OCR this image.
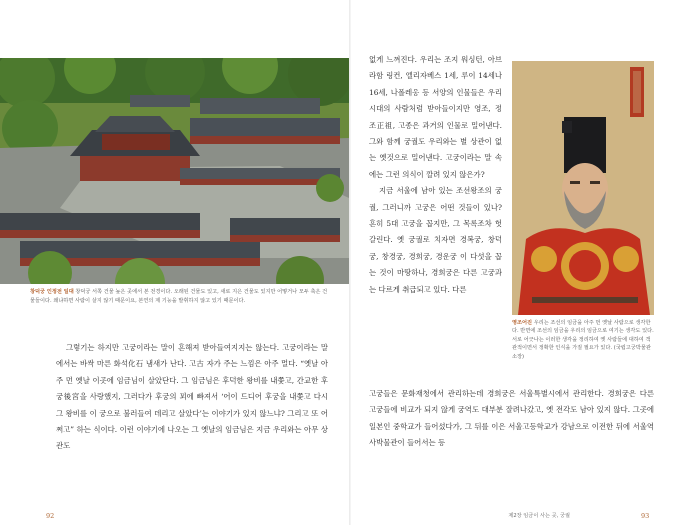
창덕궁 인정전 일대 창덕궁 서쪽 건물 높은 곳에서 본 전경이다. 오래된 건물도 있고, 새로 지은 건물도 있지만 어떻거나 모두 축은 건물들이다. 왜냐하면 사람이 살지 않기 때문이요, 본연의 제 기능을 발휘하지 않고 있기 때문이다.

그렇기는 하지만 고궁이라는 말이 흔해져 받아들여지지는 않는다. 고궁이라는 말에서는 바싹 마른 화석化石 냄새가 난다. 고古 자가 주는 느낌은 아주 멀다. “옛날 아주 먼 옛날 이곳에 임금님이 살았단다. 그 임금님은 후덕한 왕비를 내쫓고, 간교한 후궁後宮을 사랑했지, 그러다가 후궁의 꾀에 빠져서 ‘어이 드디어 후궁을 내쫓고 다시 그 왕비를 이 궁으로 불러들여 데리고 살았다’는 이야기가 있지 않느냐? 그리고 또 어쩌고” 하는 식이다. 이런 이야기에 나오는 그 옛날의 임금님은 지금 우리와는 아무 상관도

92

없게 느껴진다. 우리는 조지 워싱턴, 아브라함 링컨, 엘리자베스 1세, 루이 14세나 16세, 나폴레옹 등 서양의 인물들은 우리 시대의 사람처럼 받아들이지만 영조, 정조正祖, 고종은 과거의 인물로 밀어낸다. 그와 함께 궁궐도 우리와는 별 상관이 없는 옛것으로 밀어낸다. 고궁이라는 말 속에는 그런 의식이 깔려 있지 않은가?

지금 서울에 남아 있는 조선왕조의 궁궐, 그러니까 고궁은 어떤 것들이 있나? 흔히 5대 고궁을 꼽지만, 그 목록조차 헛갈린다. 옛 궁궐로 치자면 경복궁, 창덕궁, 창경궁, 경희궁, 경운궁 이 다섯을 꼽는 것이 마땅하나, 경희궁은 다른 고궁과는 다르게 취급되고 있다. 다른

영조어진 우리는 조선의 임금을 아주 먼 옛날 사람으로 생각한다. 반면에 조선의 임금을 우리의 임금으로 여기는 생각도 있다. 서로 어긋나는 이러한 생각을 정리하여 옛 사람들에 대하여 객관적이면서 정확한 인식을 가질 필요가 있다. (국립고궁박물관 소장)

고궁들은 문화재청에서 관리하는데 경희궁은 서울특별시에서 관리한다. 경희궁은 다른 고궁들에 비교가 되지 않게 궁역도 대부분 잘려나갔고, 옛 전각도 남아 있지 않다. 그곳에 일본인 중학교가 들어섰다가, 그 뒤를 이은 서울고등학교가 강남으로 이전한 뒤에 서울역사박물관이 들어서는 등

제2장 임금이 사는 곳, 궁궐	93
